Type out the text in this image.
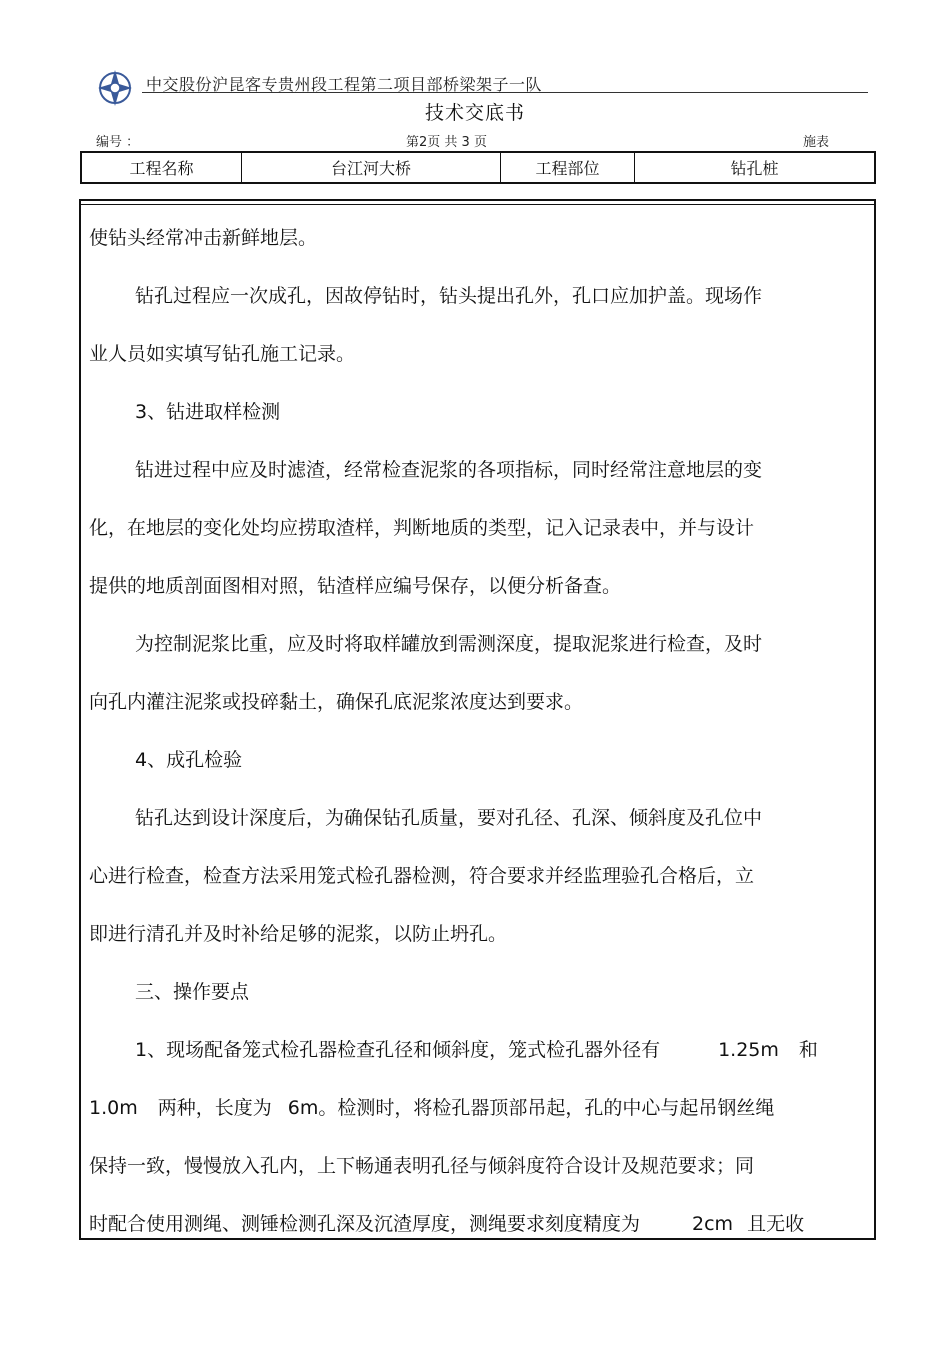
中交股份沪昆客专贵州段工程第二项目部桥梁架子一队
技术交底书
编号 ：	第2页 共 3 页	施表
工程名称	台江河大桥	工程部位	钻孔桩
使钻头经常冲击新鲜地层。
钻孔过程应一次成孔，因故停钻时，钻头提出孔外，孔口应加护盖。现场作
业人员如实填写钻孔施工记录。
3、钻进取样检测
钻进过程中应及时滤渣，经常检查泥浆的各项指标，同时经常注意地层的变
化，在地层的变化处均应捞取渣样，判断地质的类型，记入记录表中，并与设计
提供的地质剖面图相对照，钻渣样应编号保存，以便分析备查。
为控制泥浆比重，应及时将取样罐放到需测深度，提取泥浆进行检查，及时
向孔内灌注泥浆或投碎黏土，确保孔底泥浆浓度达到要求。
4、成孔检验
钻孔达到设计深度后，为确保钻孔质量，要对孔径、孔深、倾斜度及孔位中
心进行检查，检查方法采用笼式检孔器检测，符合要求并经监理验孔合格后，立
即进行清孔并及时补给足够的泥浆，以防止坍孔。
三、操作要点
1、现场配备笼式检孔器检查孔径和倾斜度，笼式检孔器外径有	1.25m 和
1.0m 两种，长度为 6m。检测时，将检孔器顶部吊起，孔的中心与起吊钢丝绳
保持一致，慢慢放入孔内，上下畅通表明孔径与倾斜度符合设计及规范要求；同
时配合使用测绳、测锤检测孔深及沉渣厚度，测绳要求刻度精度为	2cm 且无收
